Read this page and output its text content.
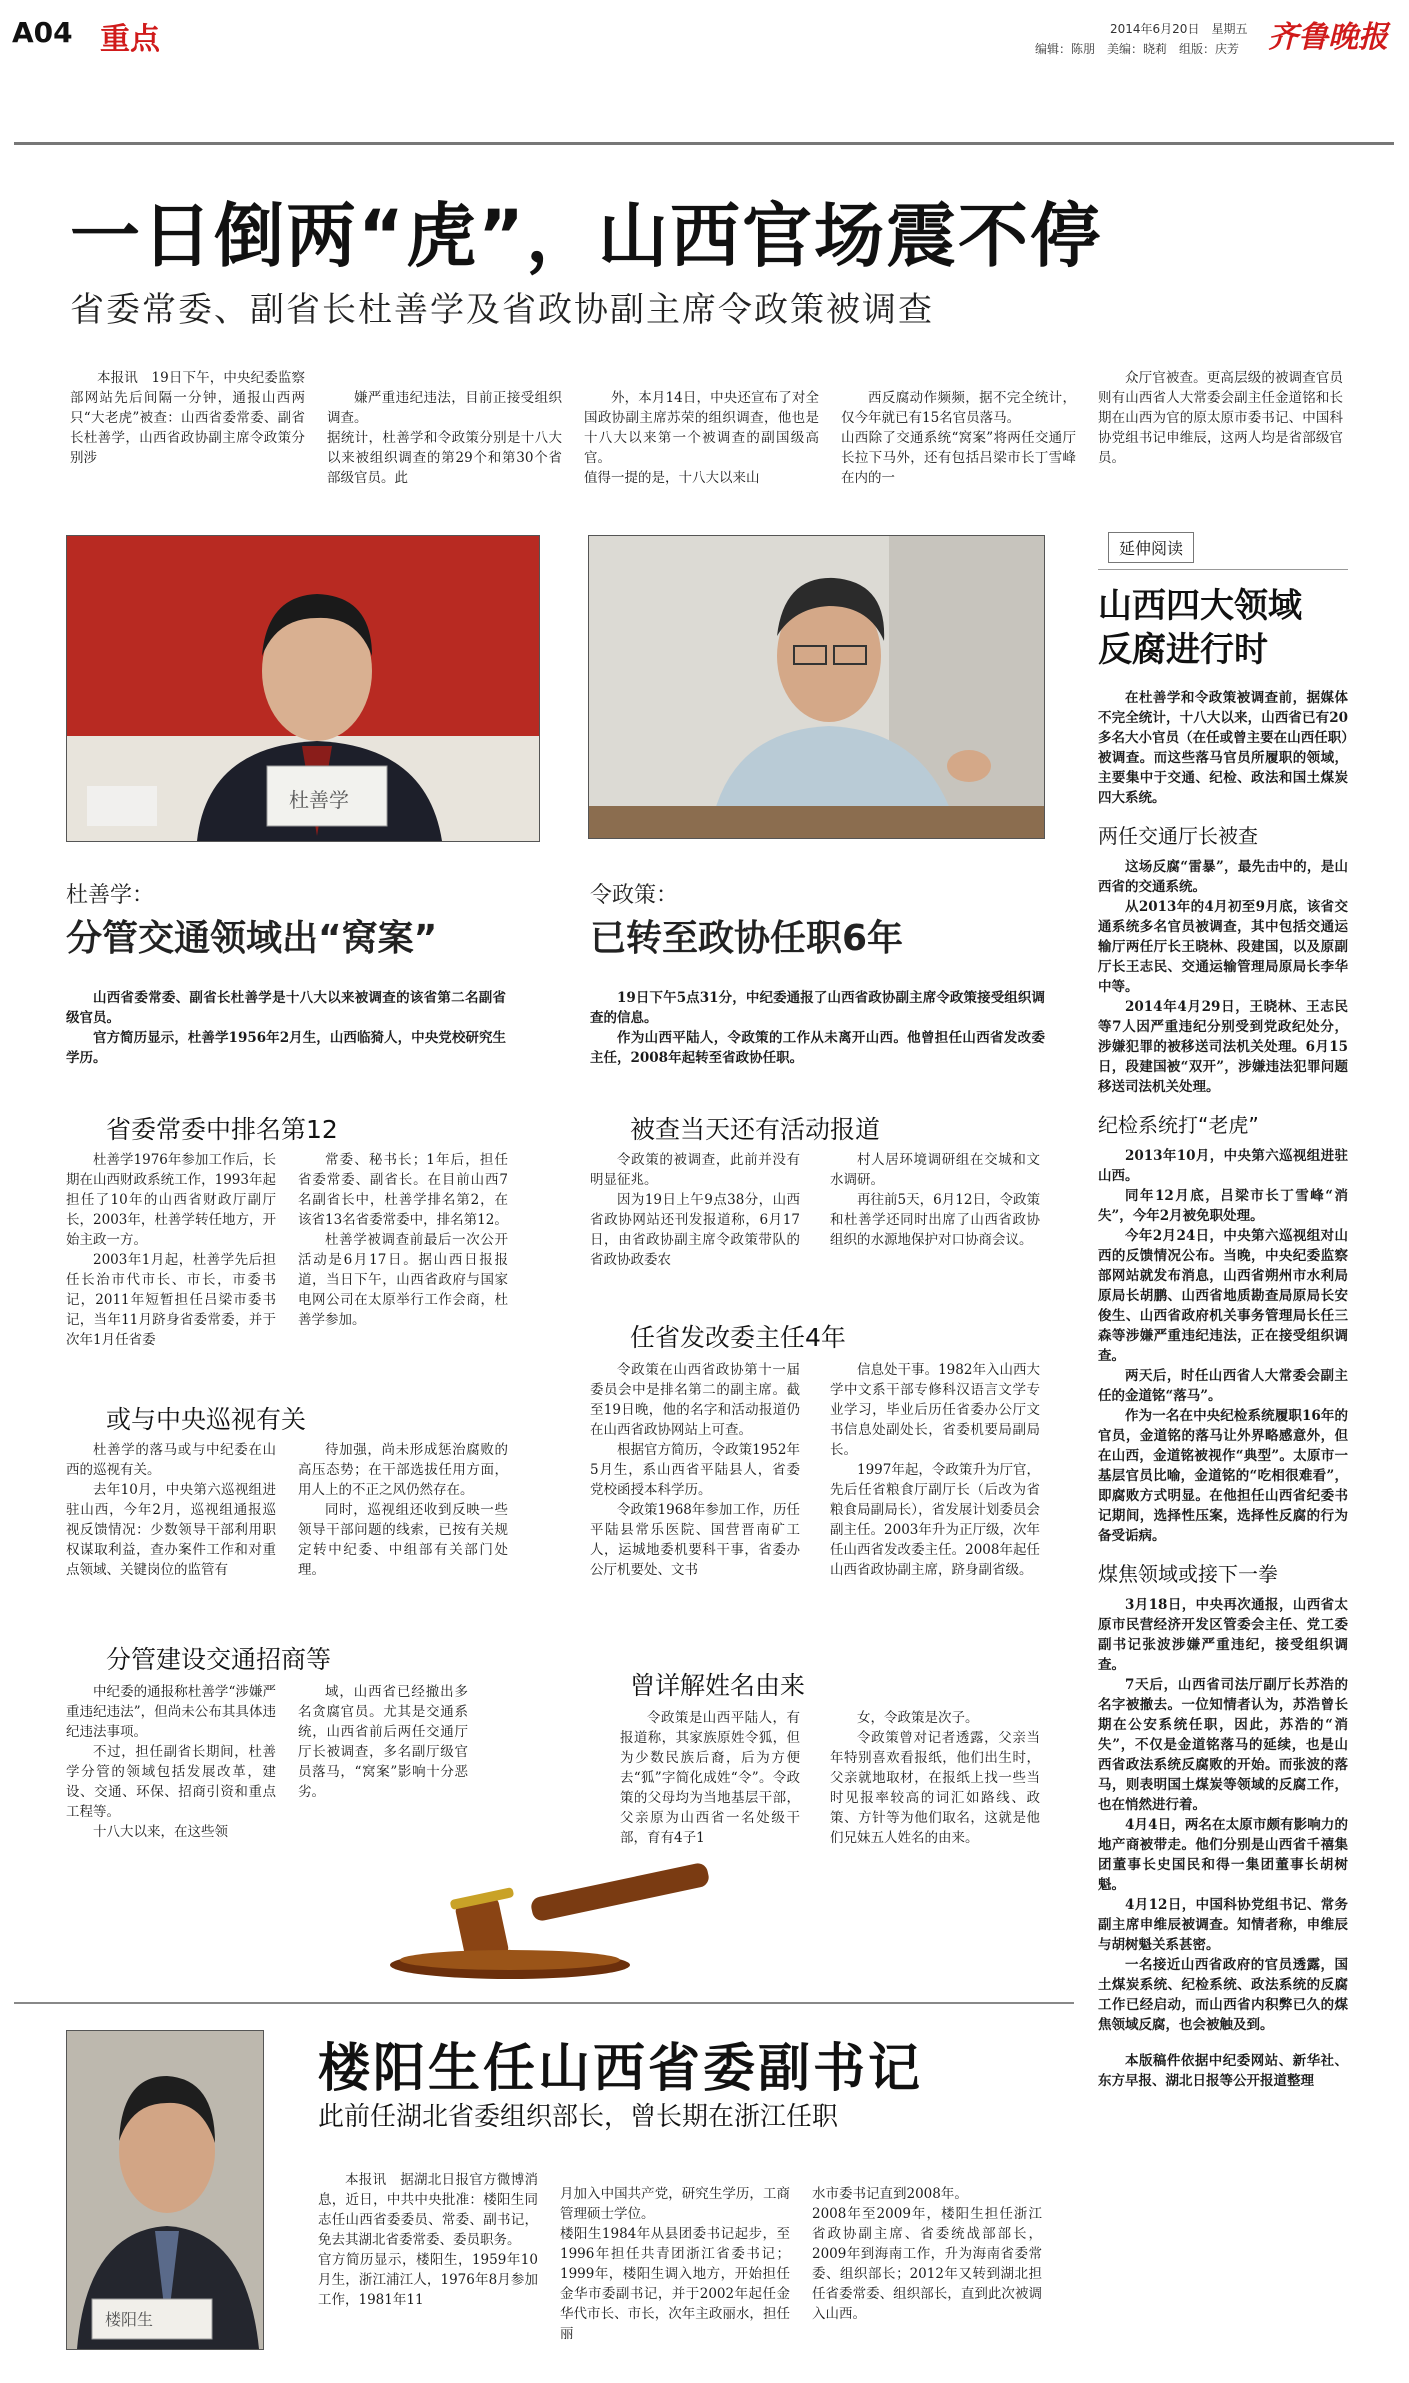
A04 重点	2014年6月20日　星期五
编辑：陈朋　美编：晓莉　组版：庆芳 齐鲁晚报
一日倒两“虎”，山西官场震不停
省委常委、副省长杜善学及省政协副主席令政策被调查

本报讯　19日下午，中央纪委监察部网站先后间隔一分钟，通报山西两只“大老虎”被查：山西省委常委、副省长杜善学，山西省政协副主席令政策分别涉

嫌严重违纪违法，目前正接受组织调查。
据统计，杜善学和令政策分别是十八大以来被组织调查的第29个和第30个省部级官员。此

外，本月14日，中央还宣布了对全国政协副主席苏荣的组织调查，他也是十八大以来第一个被调查的副国级高官。
值得一提的是，十八大以来山

西反腐动作频频，据不完全统计，仅今年就已有15名官员落马。
山西除了交通系统“窝案”将两任交通厅长拉下马外，还有包括吕梁市长丁雪峰在内的一

众厅官被查。更高层级的被调查官员则有山西省人大常委会副主任金道铭和长期在山西为官的原太原市委书记、中国科协党组书记申维辰，这两人均是省部级官员。

杜善学
杜善学：
分管交通领域出“窝案”

山西省委常委、副省长杜善学是十八大以来被调查的该省第二名副省级官员。

官方简历显示，杜善学1956年2月生，山西临猗人，中央党校研究生学历。

省委常委中排名第12

杜善学1976年参加工作后，长期在山西财政系统工作，1993年起担任了10年的山西省财政厅副厅长，2003年，杜善学转任地方，开始主政一方。

2003年1月起，杜善学先后担任长治市代市长、市长，市委书记，2011年短暂担任吕梁市委书记，当年11月跻身省委常委，并于次年1月任省委

常委、秘书长；1年后，担任省委常委、副省长。在目前山西7名副省长中，杜善学排名第2，在该省13名省委常委中，排名第12。

杜善学被调查前最后一次公开活动是6月17日。据山西日报报道，当日下午，山西省政府与国家电网公司在太原举行工作会商，杜善学参加。

或与中央巡视有关

杜善学的落马或与中纪委在山西的巡视有关。

去年10月，中央第六巡视组进驻山西，今年2月，巡视组通报巡视反馈情况：少数领导干部利用职权谋取利益，查办案件工作和对重点领域、关键岗位的监管有

待加强，尚未形成惩治腐败的高压态势；在干部选拔任用方面，用人上的不正之风仍然存在。

同时，巡视组还收到反映一些领导干部问题的线索，已按有关规定转中纪委、中组部有关部门处理。

分管建设交通招商等

中纪委的通报称杜善学“涉嫌严重违纪违法”，但尚未公布其具体违纪违法事项。

不过，担任副省长期间，杜善学分管的领域包括发展改革，建设、交通、环保、招商引资和重点工程等。

十八大以来，在这些领

域，山西省已经撤出多名贪腐官员。尤其是交通系统，山西省前后两任交通厅厅长被调查，多名副厅级官员落马，“窝案”影响十分恶劣。

令政策：
已转至政协任职6年

19日下午5点31分，中纪委通报了山西省政协副主席令政策接受组织调查的信息。

作为山西平陆人，令政策的工作从未离开山西。他曾担任山西省发改委主任，2008年起转至省政协任职。

被查当天还有活动报道

令政策的被调查，此前并没有明显征兆。

因为19日上午9点38分，山西省政协网站还刊发报道称，6月17日，由省政协副主席令政策带队的省政协政委农

村人居环境调研组在交城和文水调研。

再往前5天，6月12日，令政策和杜善学还同时出席了山西省政协组织的水源地保护对口协商会议。

任省发改委主任4年

令政策在山西省政协第十一届委员会中是排名第二的副主席。截至19日晚，他的名字和活动报道仍在山西省政协网站上可查。

根据官方简历，令政策1952年5月生，系山西省平陆县人，省委党校函授本科学历。

令政策1968年参加工作，历任平陆县常乐医院、国营晋南矿工人，运城地委机要科干事，省委办公厅机要处、文书

信息处干事。1982年入山西大学中文系干部专修科汉语言文学专业学习，毕业后历任省委办公厅文书信息处副处长，省委机要局副局长。

1997年起，令政策升为厅官，先后任省粮食厅副厅长（后改为省粮食局副局长），省发展计划委员会副主任。2003年升为正厅级，次年任山西省发改委主任。2008年起任山西省政协副主席，跻身副省级。

曾详解姓名由来

令政策是山西平陆人，有报道称，其家族原姓令狐，但为少数民族后裔，后为方便去“狐”字简化成姓“令”。令政策的父母均为当地基层干部，父亲原为山西省一名处级干部，育有4子1

女，令政策是次子。

令政策曾对记者透露，父亲当年特别喜欢看报纸，他们出生时，父亲就地取材，在报纸上找一些当时见报率较高的词汇如路线、政策、方针等为他们取名，这就是他们兄妹五人姓名的由来。

延伸阅读
山西四大领域
反腐进行时

在杜善学和令政策被调查前，据媒体不完全统计，十八大以来，山西省已有20多名大小官员（在任或曾主要在山西任职）被调查。而这些落马官员所履职的领域，主要集中于交通、纪检、政法和国土煤炭四大系统。

两任交通厅长被查

这场反腐“雷暴”，最先击中的，是山西省的交通系统。

从2013年的4月初至9月底，该省交通系统多名官员被调查，其中包括交通运输厅两任厅长王晓林、段建国，以及原副厅长王志民、交通运输管理局原局长李华中等。

2014年4月29日，王晓林、王志民等7人因严重违纪分别受到党政纪处分，涉嫌犯罪的被移送司法机关处理。6月15日，段建国被“双开”，涉嫌违法犯罪问题移送司法机关处理。

纪检系统打“老虎”

2013年10月，中央第六巡视组进驻山西。

同年12月底，吕梁市长丁雪峰“消失”，今年2月被免职处理。

今年2月24日，中央第六巡视组对山西的反馈情况公布。当晚，中央纪委监察部网站就发布消息，山西省朔州市水利局原局长胡鹏、山西省地质勘查局原局长安俊生、山西省政府机关事务管理局长任三森等涉嫌严重违纪违法，正在接受组织调查。

两天后，时任山西省人大常委会副主任的金道铭“落马”。

作为一名在中央纪检系统履职16年的官员，金道铭的落马让外界略感意外，但在山西，金道铭被视作“典型”。太原市一基层官员比喻，金道铭的“吃相很难看”，即腐败方式明显。在他担任山西省纪委书记期间，选择性压案，选择性反腐的行为备受诟病。

煤焦领域或接下一拳

3月18日，中央再次通报，山西省太原市民营经济开发区管委会主任、党工委副书记张波涉嫌严重违纪，接受组织调查。

7天后，山西省司法厅副厅长苏浩的名字被撤去。一位知情者认为，苏浩曾长期在公安系统任职，因此，苏浩的“消失”，不仅是金道铭落马的延续，也是山西省政法系统反腐败的开始。而张波的落马，则表明国土煤炭等领域的反腐工作，也在悄然进行着。

4月4日，两名在太原市颇有影响力的地产商被带走。他们分别是山西省千禧集团董事长史国民和得一集团董事长胡树魁。

4月12日，中国科协党组书记、常务副主席申维辰被调查。知情者称，申维辰与胡树魁关系甚密。

一名接近山西省政府的官员透露，国土煤炭系统、纪检系统、政法系统的反腐工作已经启动，而山西省内积弊已久的煤焦领域反腐，也会被触及到。

本版稿件依据中纪委网站、新华社、东方早报、湖北日报等公开报道整理

楼阳生
楼阳生任山西省委副书记
此前任湖北省委组织部长，曾长期在浙江任职

本报讯　据湖北日报官方微博消息，近日，中共中央批准：楼阳生同志任山西省委委员、常委、副书记，免去其湖北省委常委、委员职务。
官方简历显示，楼阳生，1959年10月生，浙江浦江人，1976年8月参加工作，1981年11

月加入中国共产党，研究生学历，工商管理硕士学位。
楼阳生1984年从县团委书记起步，至1996年担任共青团浙江省委书记；1999年，楼阳生调入地方，开始担任金华市委副书记，并于2002年起任金华代市长、市长，次年主政丽水，担任丽

水市委书记直到2008年。
2008年至2009年，楼阳生担任浙江省政协副主席、省委统战部部长，2009年到海南工作，升为海南省委常委、组织部长；2012年又转到湖北担任省委常委、组织部长，直到此次被调入山西。
